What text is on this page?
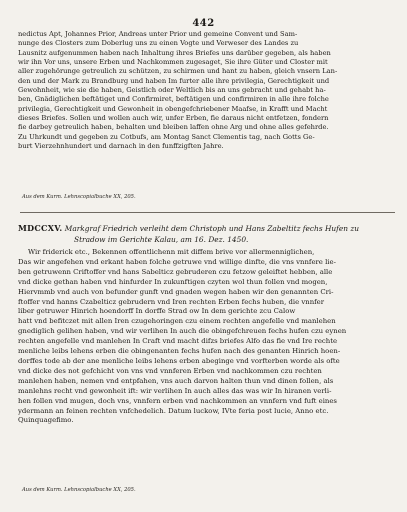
442
nedictus Apt, Johannes Prior, Andreas unter Prior und gemeine Convent und Sam-
nunge des Closters zum Doberlug uns zu einen Vogte und Verweser des Landes zu
Lausnitz aufgenummen haben nach Inhaltung ihres Briefes uns darüber gegeben, als haben
wir ihn Vor uns, unsere Erben und Nachkommen zugesaget, Sie ihre Güter und Closter mit
aller zugehörunge getreulich zu schützen, zu schirmen und hant zu haben, gleich vnsern Lan-
den und der Mark zu Brandburg und haben Im furter alle ihre privilegia, Gerechtigkeit und
Gewohnheit, wie sie die haben, Geistlich oder Weltlich bis an uns gebracht und gehabt ha-
ben, Gnädiglichen beftätiget und Confirmiret, beftätigen und confirmiren in alle ihre folche
privilegia, Gerechtigkeit und Gewonheit in obengefchriebener Maafse, in Krafft und Macht
dieses Briefes. Sollen und wollen auch wir, unfer Erben, fie daraus nicht entfetzen, fondern
fie darbey getreulich haben, behalten und bleiben laffen ohne Arg und ohne alles gefehrde.
Zu Uhrkundt und gegeben zu Cotbufs, am Montag Sanct Clementis tag, nach Gotts Ge-
burt Vierzehnhundert und darnach in den funffzigften Jahre.
Aus dem Kurm. Lehnscopialbuche XX, 205.
MDCCXV. Markgraf Friedrich verleiht dem Christoph und Hans Zabeltitz fechs Hufen zu
Stradow im Gerichte Kalau, am 16. Dez. 1450.
Wir friderick etc., Bekennen offentlichenn mit diffem brive vor allermenniglichen,
Das wir angefehen vnd erkant haben folche getruwe vnd willige dinfte, die vns vnnfere lie-
ben getruwenn Criftoffer vnd hans Sabelticz gebruderen czu fetzow geleiftet hebben, alle
vnd dicke gethan haben vnd hinfurder In zukunftigen czyten wol thun follen vnd mogen,
Hiervmmb vnd auch von befunder gunft vnd gnaden wegen haben wir den genannten Cri-
ftoffer vnd hanns Czabelticz gebrudern vnd Iren rechten Erben fechs huben, die vnnfer
liber getruwer Hinrich hoendorff In dorffe Strad ow In dem gerichte zcu Calow
hatt vnd befitczet mit allen Iren czugehoringen czu einem rechten angefelle vnd manlehen
gnediglich gelihen haben, vnd wir verlihen In auch die obingefchreuen fechs hufen czu eynen
rechten angefelle vnd manlehen In Craft vnd macht difzs briefes Alfo das fie vnd Ire rechte
menliche leibs lehens erben die obingenanten fechs hufen nach des genanten Hinrich hoen-
dorffes tode ab der ane menliche leibs lehens erben abeginge vnd vorfterben worde als ofte
vnd dicke des not gefchicht von vns vnd vnnferen Erben vnd nachkommen czu rechten
manlehen haben, nemen vnd entpfahen, vns auch darvon halten thun vnd dinen follen, als
manlehns recht vnd gewonheit ift: wir verlihen In auch alles das was wir In hiranen verli-
hen follen vnd mugen, doch vns, vnnfern erben vnd nachkommen an vnnfern vnd fuft eines
ydermann an feinen rechten vnfchedelich. Datum luckow, IVte feria post lucie, Anno etc.
Quinquagefimo.
Aus dem Kurm. Lehnscopialbuche XX, 205.
